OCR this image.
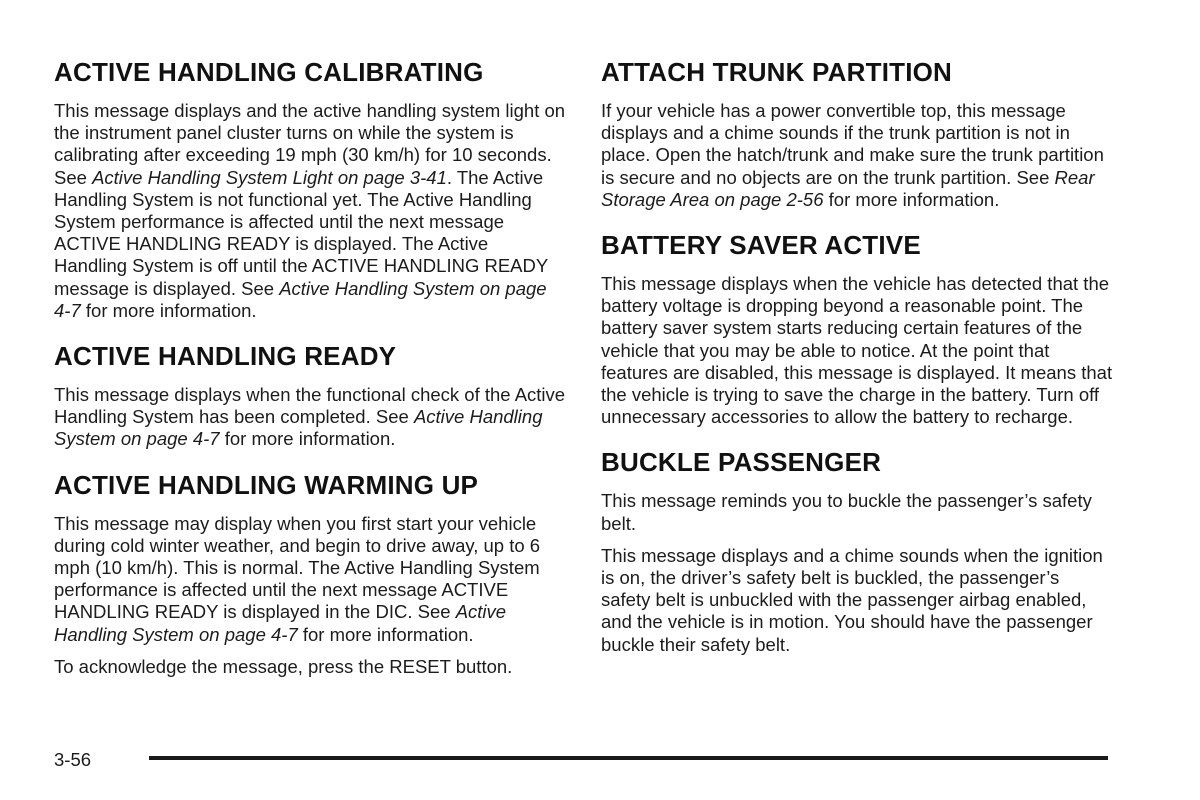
ACTIVE HANDLING CALIBRATING

This message displays and the active handling system light on the instrument panel cluster turns on while the system is calibrating after exceeding 19 mph (30 km/h) for 10 seconds. See Active Handling System Light on page 3-41. The Active Handling System is not functional yet. The Active Handling System performance is affected until the next message ACTIVE HANDLING READY is displayed. The Active Handling System is off until the ACTIVE HANDLING READY message is displayed. See Active Handling System on page 4-7 for more information.

ACTIVE HANDLING READY

This message displays when the functional check of the Active Handling System has been completed. See Active Handling System on page 4-7 for more information.

ACTIVE HANDLING WARMING UP

This message may display when you first start your vehicle during cold winter weather, and begin to drive away, up to 6 mph (10 km/h). This is normal. The Active Handling System performance is affected until the next message ACTIVE HANDLING READY is displayed in the DIC. See Active Handling System on page 4-7 for more information.

To acknowledge the message, press the RESET button.

ATTACH TRUNK PARTITION

If your vehicle has a power convertible top, this message displays and a chime sounds if the trunk partition is not in place. Open the hatch/trunk and make sure the trunk partition is secure and no objects are on the trunk partition. See Rear Storage Area on page 2-56 for more information.

BATTERY SAVER ACTIVE

This message displays when the vehicle has detected that the battery voltage is dropping beyond a reasonable point. The battery saver system starts reducing certain features of the vehicle that you may be able to notice. At the point that features are disabled, this message is displayed. It means that the vehicle is trying to save the charge in the battery. Turn off unnecessary accessories to allow the battery to recharge.

BUCKLE PASSENGER

This message reminds you to buckle the passenger’s safety belt.

This message displays and a chime sounds when the ignition is on, the driver’s safety belt is buckled, the passenger’s safety belt is unbuckled with the passenger airbag enabled, and the vehicle is in motion. You should have the passenger buckle their safety belt.

3-56
